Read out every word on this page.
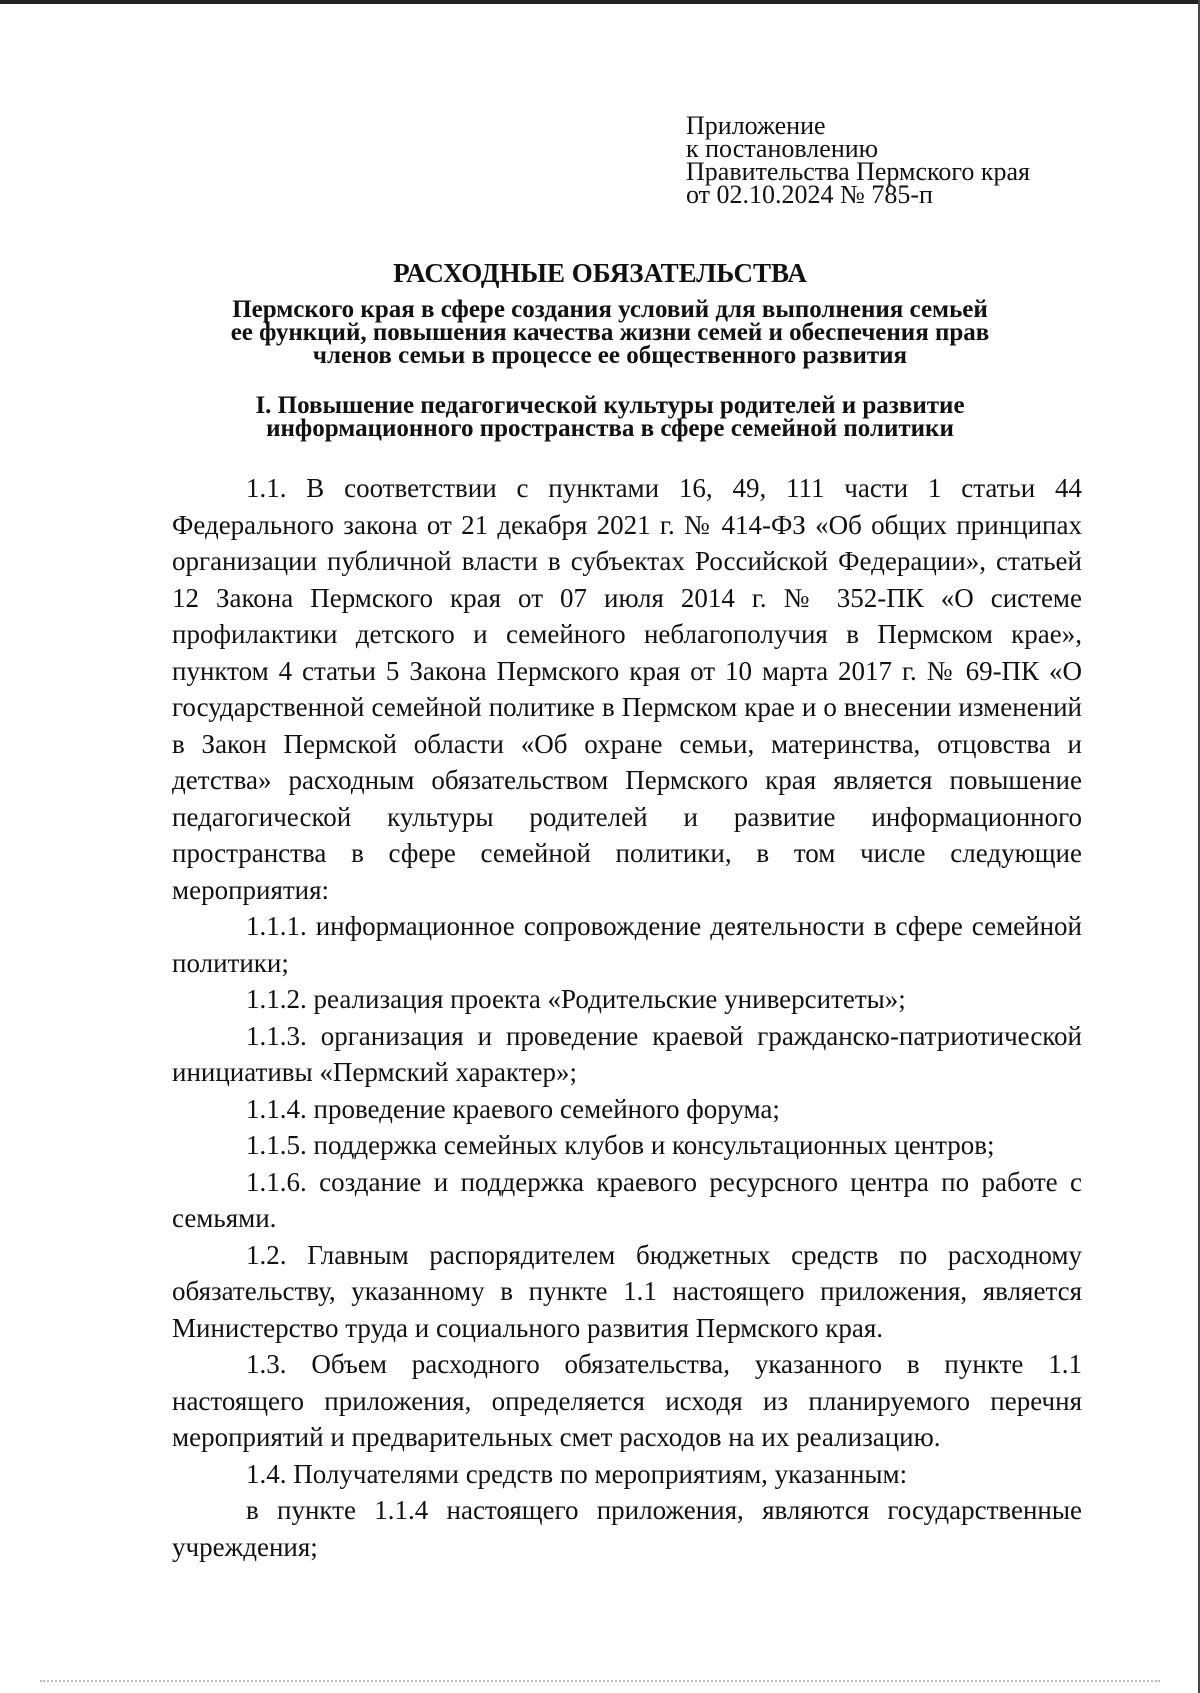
Приложение
к постановлению
Правительства Пермского края
от 02.10.2024 № 785-п
РАСХОДНЫЕ ОБЯЗАТЕЛЬСТВА
Пермского края в сфере создания условий для выполнения семьей
ее функций, повышения качества жизни семей и обеспечения прав
членов семьи в процессе ее общественного развития
I. Повышение педагогической культуры родителей и развитие
информационного пространства в сфере семейной политики

1.1. В соответствии с пунктами 16, 49, 111 части 1 статьи 44 Федерального закона от 21 декабря 2021 г. № 414-ФЗ «Об общих принципах организации публичной власти в субъектах Российской Федерации», статьей 12 Закона Пермского края от 07 июля 2014 г. № 352-ПК «О системе профилактики детского и семейного неблагополучия в Пермском крае», пунктом 4 статьи 5 Закона Пермского края от 10 марта 2017 г. № 69-ПК «О государственной семейной политике в Пермском крае и о внесении изменений в Закон Пермской области «Об охране семьи, материнства, отцовства и детства» расходным обязательством Пермского края является повышение педагогической культуры родителей и развитие информационного пространства в сфере семейной политики, в том числе следующие мероприятия:

1.1.1. информационное сопровождение деятельности в сфере семейной политики;

1.1.2. реализация проекта «Родительские университеты»;

1.1.3. организация и проведение краевой гражданско-патриотической инициативы «Пермский характер»;

1.1.4. проведение краевого семейного форума;

1.1.5. поддержка семейных клубов и консультационных центров;

1.1.6. создание и поддержка краевого ресурсного центра по работе с семьями.

1.2. Главным распорядителем бюджетных средств по расходному обязательству, указанному в пункте 1.1 настоящего приложения, является Министерство труда и социального развития Пермского края.

1.3. Объем расходного обязательства, указанного в пункте 1.1 настоящего приложения, определяется исходя из планируемого перечня мероприятий и предварительных смет расходов на их реализацию.

1.4. Получателями средств по мероприятиям, указанным:

в пункте 1.1.4 настоящего приложения, являются государственные учреждения;
